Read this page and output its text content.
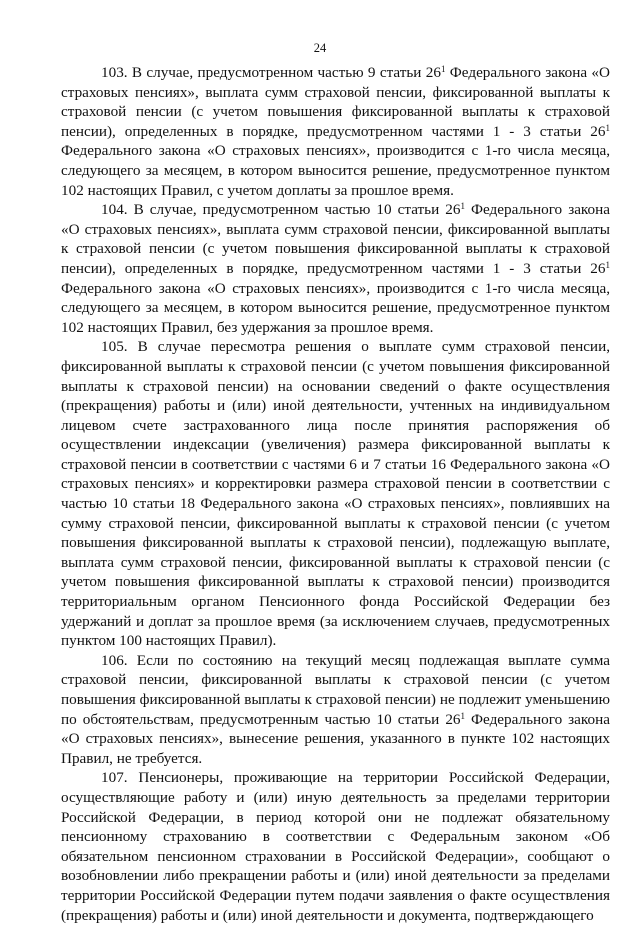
24

103. В случае, предусмотренном частью 9 статьи $26^1$ Федерального закона «О страховых пенсиях», выплата сумм страховой пенсии, фиксированной выплаты к страховой пенсии (с учетом повышения фиксированной выплаты к страховой пенсии), определенных в порядке, предусмотренном частями 1 - 3 статьи $26^1$ Федерального закона «О страховых пенсиях», производится с 1-го числа месяца, следующего за месяцем, в котором выносится решение, предусмотренное пунктом 102 настоящих Правил, с учетом доплаты за прошлое время.

104. В случае, предусмотренном частью 10 статьи $26^1$ Федерального закона «О страховых пенсиях», выплата сумм страховой пенсии, фиксированной выплаты к страховой пенсии (с учетом повышения фиксированной выплаты к страховой пенсии), определенных в порядке, предусмотренном частями 1 - 3 статьи $26^1$ Федерального закона «О страховых пенсиях», производится с 1-го числа месяца, следующего за месяцем, в котором выносится решение, предусмотренное пунктом 102 настоящих Правил, без удержания за прошлое время.

105. В случае пересмотра решения о выплате сумм страховой пенсии, фиксированной выплаты к страховой пенсии (с учетом повышения фиксированной выплаты к страховой пенсии) на основании сведений о факте осуществления (прекращения) работы и (или) иной деятельности, учтенных на индивидуальном лицевом счете застрахованного лица после принятия распоряжения об осуществлении индексации (увеличения) размера фиксированной выплаты к страховой пенсии в соответствии с частями 6 и 7 статьи 16 Федерального закона «О страховых пенсиях» и корректировки размера страховой пенсии в соответствии с частью 10 статьи 18 Федерального закона «О страховых пенсиях», повлиявших на сумму страховой пенсии, фиксированной выплаты к страховой пенсии (с учетом повышения фиксированной выплаты к страховой пенсии), подлежащую выплате, выплата сумм страховой пенсии, фиксированной выплаты к страховой пенсии (с учетом повышения фиксированной выплаты к страховой пенсии) производится территориальным органом Пенсионного фонда Российской Федерации без удержаний и доплат за прошлое время (за исключением случаев, предусмотренных пунктом 100 настоящих Правил).

106. Если по состоянию на текущий месяц подлежащая выплате сумма страховой пенсии, фиксированной выплаты к страховой пенсии (с учетом повышения фиксированной выплаты к страховой пенсии) не подлежит уменьшению по обстоятельствам, предусмотренным частью 10 статьи $26^1$ Федерального закона «О страховых пенсиях», вынесение решения, указанного в пункте 102 настоящих Правил, не требуется.

107. Пенсионеры, проживающие на территории Российской Федерации, осуществляющие работу и (или) иную деятельность за пределами территории Российской Федерации, в период которой они не подлежат обязательному пенсионному страхованию в соответствии с Федеральным законом «Об обязательном пенсионном страховании в Российской Федерации», сообщают о возобновлении либо прекращении работы и (или) иной деятельности за пределами территории Российской Федерации путем подачи заявления о факте осуществления (прекращения) работы и (или) иной деятельности и документа, подтверждающего
